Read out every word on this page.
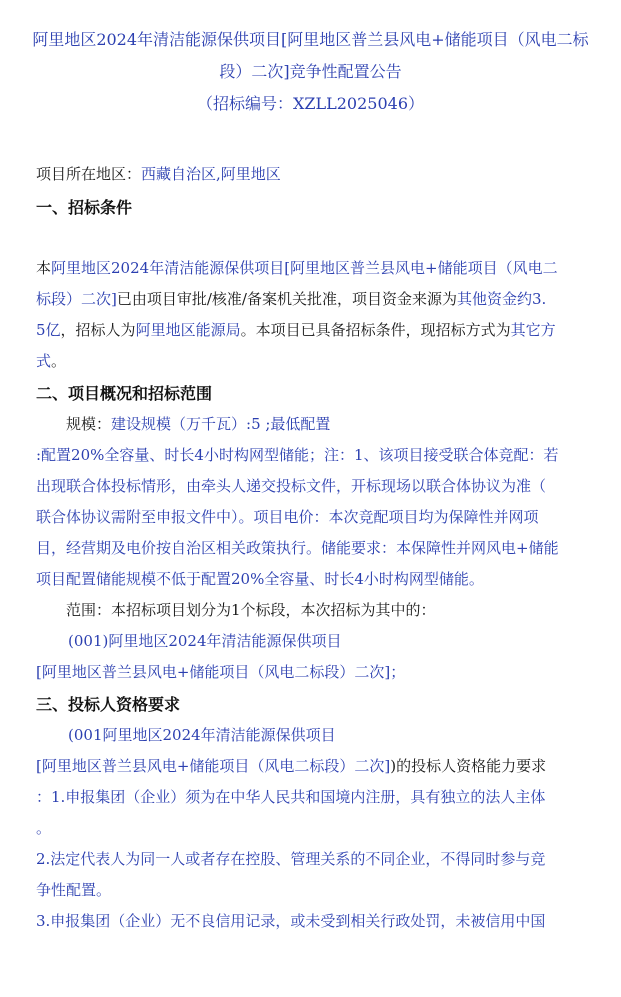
阿里地区2024年清洁能源保供项目[阿里地区普兰县风电+储能项目（风电二标
段）二次]竞争性配置公告
（招标编号：XZLL2025046）
项目所在地区：西藏自治区,阿里地区
一、招标条件
本阿里地区2024年清洁能源保供项目[阿里地区普兰县风电+储能项目（风电二
标段）二次]已由项目审批/核准/备案机关批准，项目资金来源为其他资金约3.
5亿，招标人为阿里地区能源局。本项目已具备招标条件，现招标方式为其它方
式。
二、项目概况和招标范围
规模：建设规模（万千瓦）:5 ;最低配置
:配置20%全容量、时长4小时构网型储能；注：1、该项目接受联合体竞配：若
出现联合体投标情形，由牵头人递交投标文件，开标现场以联合体协议为准（
联合体协议需附至申报文件中）。项目电价：本次竞配项目均为保障性并网项
目，经营期及电价按自治区相关政策执行。储能要求：本保障性并网风电+储能
项目配置储能规模不低于配置20%全容量、时长4小时构网型储能。
范围：本招标项目划分为1个标段，本次招标为其中的：
(001)阿里地区2024年清洁能源保供项目
[阿里地区普兰县风电+储能项目（风电二标段）二次]；
三、投标人资格要求
(001阿里地区2024年清洁能源保供项目
[阿里地区普兰县风电+储能项目（风电二标段）二次])的投标人资格能力要求
：1.申报集团（企业）须为在中华人民共和国境内注册，具有独立的法人主体
。
2.法定代表人为同一人或者存在控股、管理关系的不同企业，不得同时参与竞
争性配置。
3.申报集团（企业）无不良信用记录，或未受到相关行政处罚，未被信用中国
